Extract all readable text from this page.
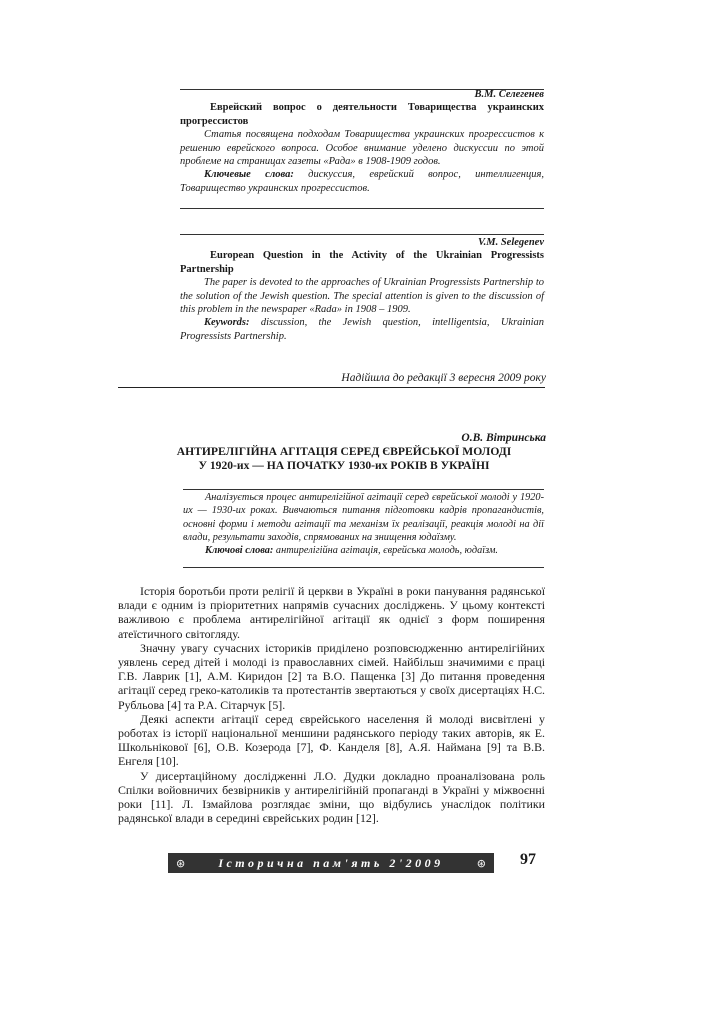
В.М. Селегенев
Еврейский вопрос о деятельности Товарищества украинских прогрессистов
Статья посвящена подходам Товарищества украинских прогрессистов к решению еврейского вопроса. Особое внимание уделено дискуссии по этой проблеме на страницах газеты «Рада» в 1908-1909 годов.
Ключевые слова: дискуссия, еврейский вопрос, интеллигенция, Товарищество украинских прогрессистов.
V.M. Selegenev
European Question in the Activity of the Ukrainian Progressists Partnership
The paper is devoted to the approaches of Ukrainian Progressists Partnership to the solution of the Jewish question. The special attention is given to the discussion of this problem in the newspaper «Rada» in 1908 – 1909.
Keywords: discussion, the Jewish question, intelligentsia, Ukrainian Progressists Partnership.
Надійшла до редакції 3 вересня 2009 року
О.В. Вітринська
АНТИРЕЛІГІЙНА АГІТАЦІЯ СЕРЕД ЄВРЕЙСЬКОЇ МОЛОДІ
У 1920-их — НА ПОЧАТКУ 1930-их РОКІВ В УКРАЇНІ
Аналізується процес антирелігійної агітації серед єврейської молоді у 1920-их — 1930-их роках. Вивчаються питання підготовки кадрів пропагандистів, основні форми і методи агітації та механізм їх реалізації, реакція молоді на дії влади, результати заходів, спрямованих на знищення юдаїзму.
Ключові слова: антирелігійна агітація, єврейська молодь, юдаїзм.

Історія боротьби проти релігії й церкви в Україні в роки панування радянської влади є одним із пріоритетних напрямів сучасних досліджень. У цьому контексті важливою є проблема антирелігійної агітації як однієї з форм поширення атеїстичного світогляду.

Значну увагу сучасних істориків приділено розповсюдженню антирелігійних уявлень серед дітей і молоді із православних сімей. Найбільш значимими є праці Г.В. Лаврик [1], А.М. Киридон [2] та В.О. Пащенка [3] До питання проведення агітації серед греко-католиків та протестантів звертаються у своїх дисертаціях Н.С. Рубльова [4] та Р.А. Сітарчук [5].

Деякі аспекти агітації серед єврейського населення й молоді висвітлені у роботах із історії національної меншини радянського періоду таких авторів, як Е. Школьнікової [6], О.В. Козерода [7], Ф. Канделя [8], А.Я. Наймана [9] та В.В. Енгеля [10].

У дисертаційному дослідженні Л.О. Дудки докладно проаналізована роль Спілки войовничих безвірників у антирелігійній пропаганді в Україні у міжвоєнні роки [11]. Л. Ізмайлова розглядає зміни, що відбулись унаслідок політики радянської влади в середині єврейських родин [12].

⊛	Історична пам'ять 2'2009	⊛ 97
